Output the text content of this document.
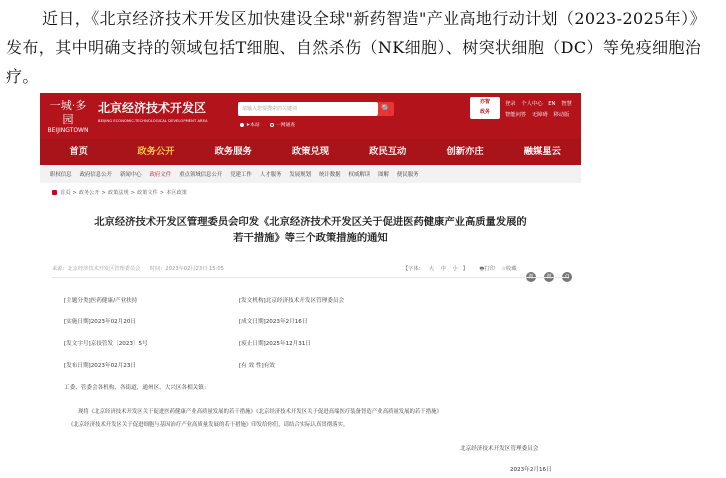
近日，《北京经济技术开发区加快建设全球"新药智造"产业高地行动计划（2023-2025年）》发布，其中明确支持的领域包括T细胞、自然杀伤（NK细胞）、树突状细胞（DC）等免疫细胞治疗。

一城·多园
BEIJINGTOWN
北京经济技术开发区
BEIJING ECONOMIC-TECHNOLOGICAL DEVELOPMENT AREA
请输入您要搜索的关键词	🔍
➤本站	一网通查
亦智
政务
登录 个人中心 EN 智慧
智能问答 无障碍 移动版
首页	政务公开	政务服务	政策兑现	政民互动	创新亦庄	融媒星云
职权信息 政府信息公开 新闻中心 政府文件 重点领域信息公开 党建工作 人才服务 发展规划 统计数据 权威解读 图解 便民服务
首页 > 政务公开 > 政策法规 > 政策文件 > 本区政策
北京经济技术开发区管理委员会印发《北京经济技术开发区关于促进医药健康产业高质量发展的
若干措施》等三个政策措施的通知
来源：北京经济技术开发区管理委员会 时间：2023年02月23日 15:05	【字体： 大 中 小 】 🖶打印 ☆收藏

[主题分类]医药健康/产业扶持	[发文机构]北京经济技术开发区管理委员会
[实施日期]2023年02月20日	[成文日期]2023年2月16日
[发文字号]京技管发〔2023〕5号	[废止日期]2025年12月31日
[发布日期]2023年02月23日	[有 效 性]有效
工委、管委会各机构、各街道，通州区、大兴区各相关镇：
现将《北京经济技术开发区关于促进医药健康产业高质量发展的若干措施》《北京经济技术开发区关于促进高端医疗装备智造产业高质量发展的若干措施》
《北京经济技术开发区关于促进细胞与基因治疗产业高质量发展的若干措施》印发给你们，请结合实际认真贯彻落实。
北京经济技术开发区管理委员会
2023年2月16日
